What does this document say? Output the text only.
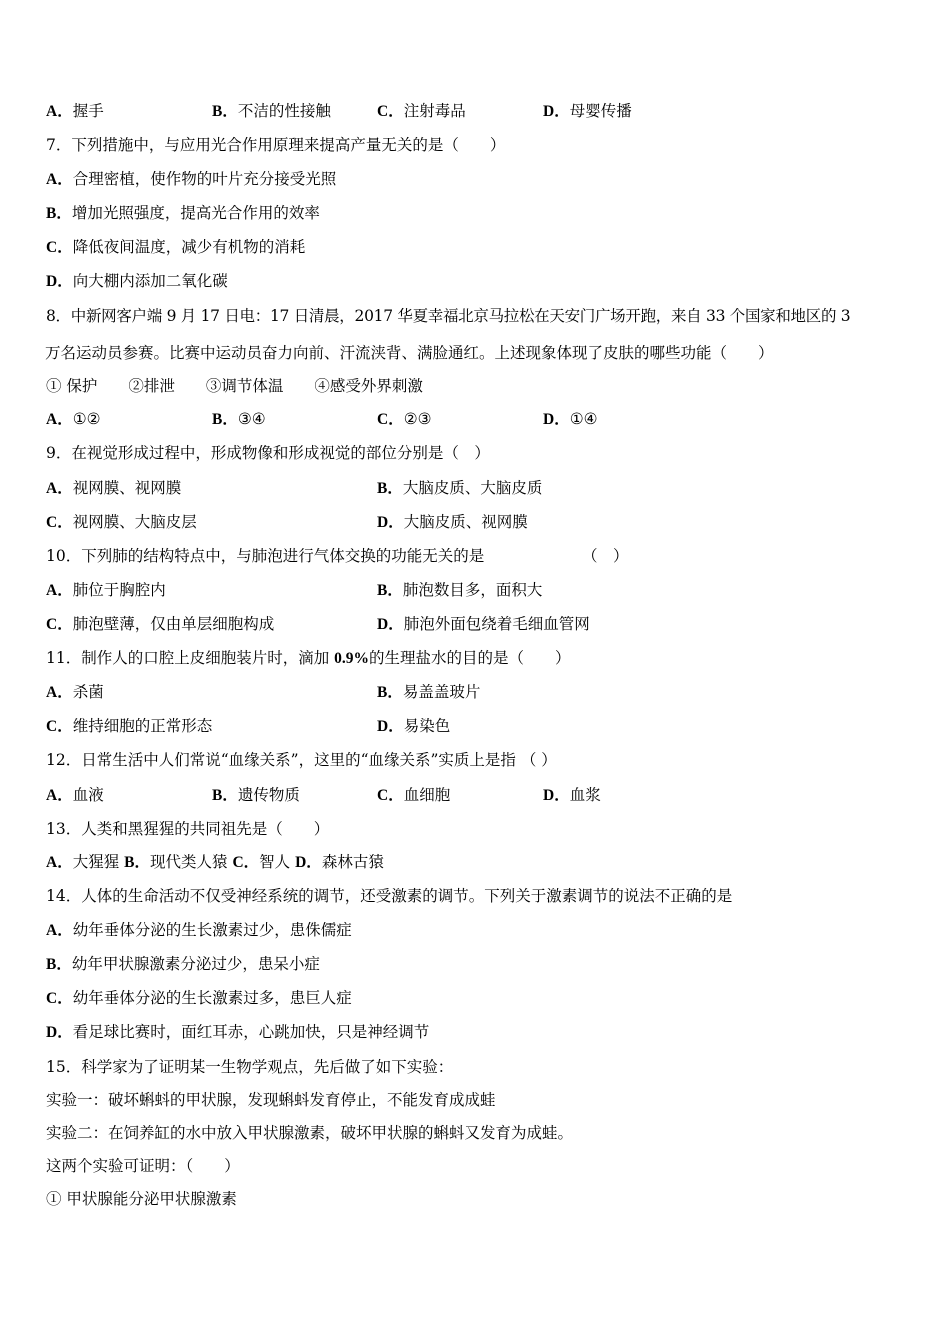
A．握手	B．不洁的性接触	C．注射毒品	D．母婴传播
7．下列措施中，与应用光合作用原理来提高产量无关的是（　　）
A．合理密植，使作物的叶片充分接受光照
B．增加光照强度，提高光合作用的效率
C．降低夜间温度，减少有机物的消耗
D．向大棚内添加二氧化碳
8．中新网客户端 9 月 17 日电：17 日清晨，2017 华夏幸福北京马拉松在天安门广场开跑，来自 33 个国家和地区的 3
万名运动员参赛。比赛中运动员奋力向前、汗流浃背、满脸通红。上述现象体现了皮肤的哪些功能（　　）
① 保护　　②排泄　　③调节体温　　④感受外界刺激
A．①②	B．③④	C．②③	D．①④
9．在视觉形成过程中，形成物像和形成视觉的部位分别是（　）
A．视网膜、视网膜	B．大脑皮质、大脑皮质
C．视网膜、大脑皮层	D．大脑皮质、视网膜
10．下列肺的结构特点中，与肺泡进行气体交换的功能无关的是	（　）
A．肺位于胸腔内	B．肺泡数目多，面积大
C．肺泡壁薄，仅由单层细胞构成	D．肺泡外面包绕着毛细血管网
11．制作人的口腔上皮细胞装片时，滴加 0.9%的生理盐水的目的是（　　）
A．杀菌	B．易盖盖玻片
C．维持细胞的正常形态	D．易染色
12．日常生活中人们常说“血缘关系”，这里的“血缘关系”实质上是指 （ ）
A．血液	B．遗传物质	C．血细胞	D．血浆
13．人类和黑猩猩的共同祖先是（　　）
A．大猩猩 B．现代类人猿 C．智人 D．森林古猿
14．人体的生命活动不仅受神经系统的调节，还受激素的调节。下列关于激素调节的说法不正确的是
A．幼年垂体分泌的生长激素过少，患侏儒症
B．幼年甲状腺激素分泌过少，患呆小症
C．幼年垂体分泌的生长激素过多，患巨人症
D．看足球比赛时，面红耳赤，心跳加快，只是神经调节
15．科学家为了证明某一生物学观点，先后做了如下实验：
实验一：破坏蝌蚪的甲状腺，发现蝌蚪发育停止，不能发育成成蛙
实验二：在饲养缸的水中放入甲状腺激素，破坏甲状腺的蝌蚪又发育为成蛙。
这两个实验可证明：（　　）
① 甲状腺能分泌甲状腺激素
